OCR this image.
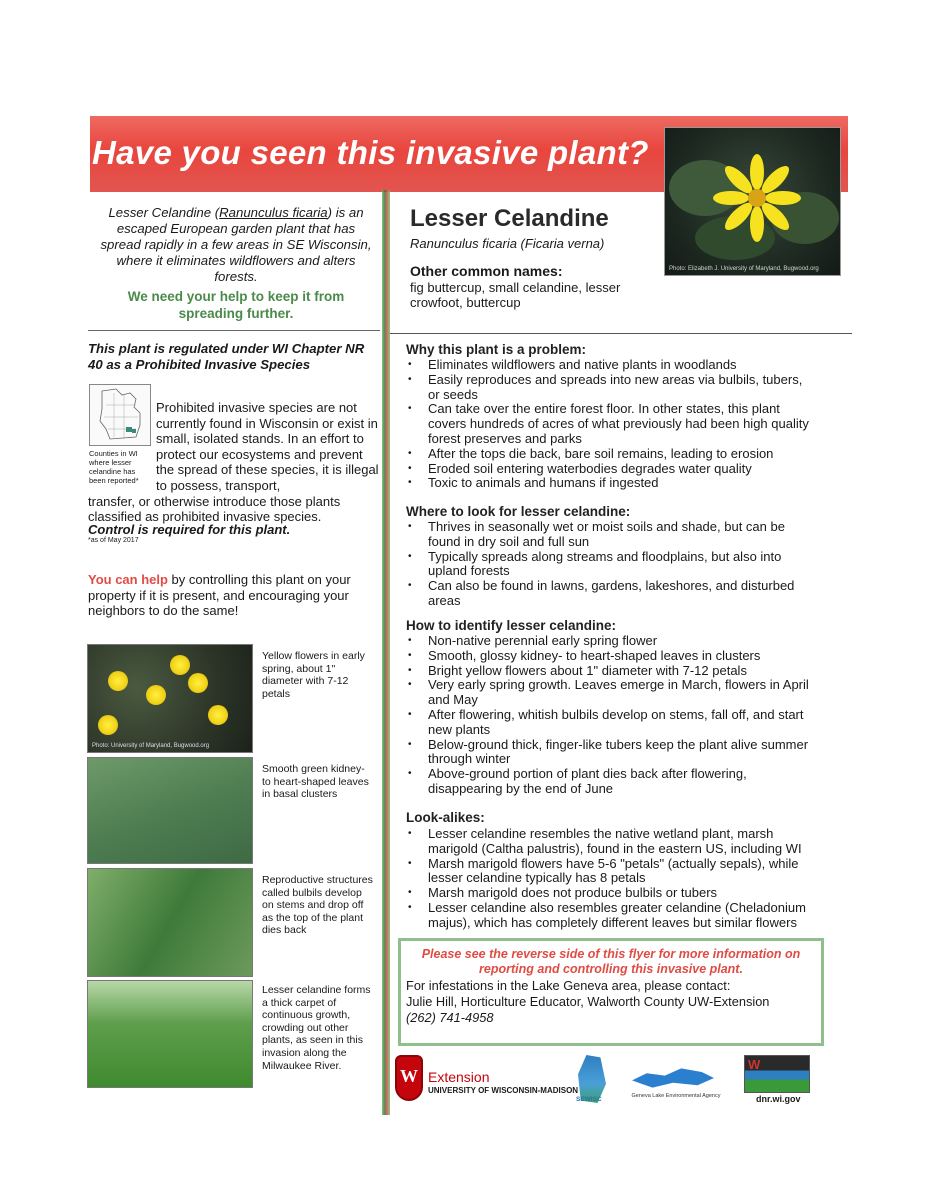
Have you seen this invasive plant?
Photo: Elizabeth J. University of Maryland, Bugwood.org
Lesser Celandine (Ranunculus ficaria) is an escaped European garden plant that has spread rapidly in a few areas in SE Wisconsin, where it eliminates wildflowers and alters forests.
We need your help to keep it from spreading further.
This plant is regulated under WI Chapter NR 40 as a Prohibited Invasive Species
Counties in WI where lesser celandine has been reported*
Prohibited invasive species are not currently found in Wisconsin or exist in small, isolated stands. In an effort to protect our ecosystems and prevent the spread of these species, it is illegal to possess, transport,
transfer, or otherwise introduce those plants classified as prohibited invasive species.
Control is required for this plant.
*as of May 2017
You can help by controlling this plant on your property if it is present, and encouraging your neighbors to do the same!
Photo: University of Maryland, Bugwood.org
Yellow flowers in early spring, about 1" diameter with 7-12 petals
Smooth green kidney- to heart-shaped leaves in basal clusters
Reproductive structures called bulbils develop on stems and drop off as the top of the plant dies back
Lesser celandine forms a thick carpet of continuous growth, crowding out other plants, as seen in this invasion along the Milwaukee River.
Lesser Celandine
Ranunculus ficaria (Ficaria verna)
Other common names:
fig buttercup, small celandine, lesser crowfoot, buttercup
Why this plant is a problem:
• Eliminates wildflowers and native plants in woodlands
• Easily reproduces and spreads into new areas via bulbils, tubers, or seeds
• Can take over the entire forest floor. In other states, this plant covers hundreds of acres of what previously had been high quality forest preserves and parks
• After the tops die back, bare soil remains, leading to erosion
• Eroded soil entering waterbodies degrades water quality
• Toxic to animals and humans if ingested
Where to look for lesser celandine:
• Thrives in seasonally wet or moist soils and shade, but can be found in dry soil and full sun
• Typically spreads along streams and floodplains, but also into upland forests
• Can also be found in lawns, gardens, lakeshores, and disturbed areas
How to identify lesser celandine:
• Non-native perennial early spring flower
• Smooth, glossy kidney- to heart-shaped leaves in clusters
• Bright yellow flowers about 1" diameter with 7-12 petals
• Very early spring growth. Leaves emerge in March, flowers in April and May
• After flowering, whitish bulbils develop on stems, fall off, and start new plants
• Below-ground thick, finger-like tubers keep the plant alive summer through winter
• Above-ground portion of plant dies back after flowering, disappearing by the end of June
Look-alikes:
• Lesser celandine resembles the native wetland plant, marsh marigold (Caltha palustris), found in the eastern US, including WI
• Marsh marigold flowers have 5-6 "petals" (actually sepals), while lesser celandine typically has 8 petals
• Marsh marigold does not produce bulbils or tubers
• Lesser celandine also resembles greater celandine (Cheladonium majus), which has completely different leaves but similar flowers
Please see the reverse side of this flyer for more information on reporting and controlling this invasive plant.
For infestations in the Lake Geneva area, please contact:
Julie Hill, Horticulture Educator, Walworth County UW-Extension
(262) 741-4958
W Extension
UNIVERSITY OF WISCONSIN-MADISON
SEWISC	Geneva Lake Environmental Agency
W
dnr.wi.gov
